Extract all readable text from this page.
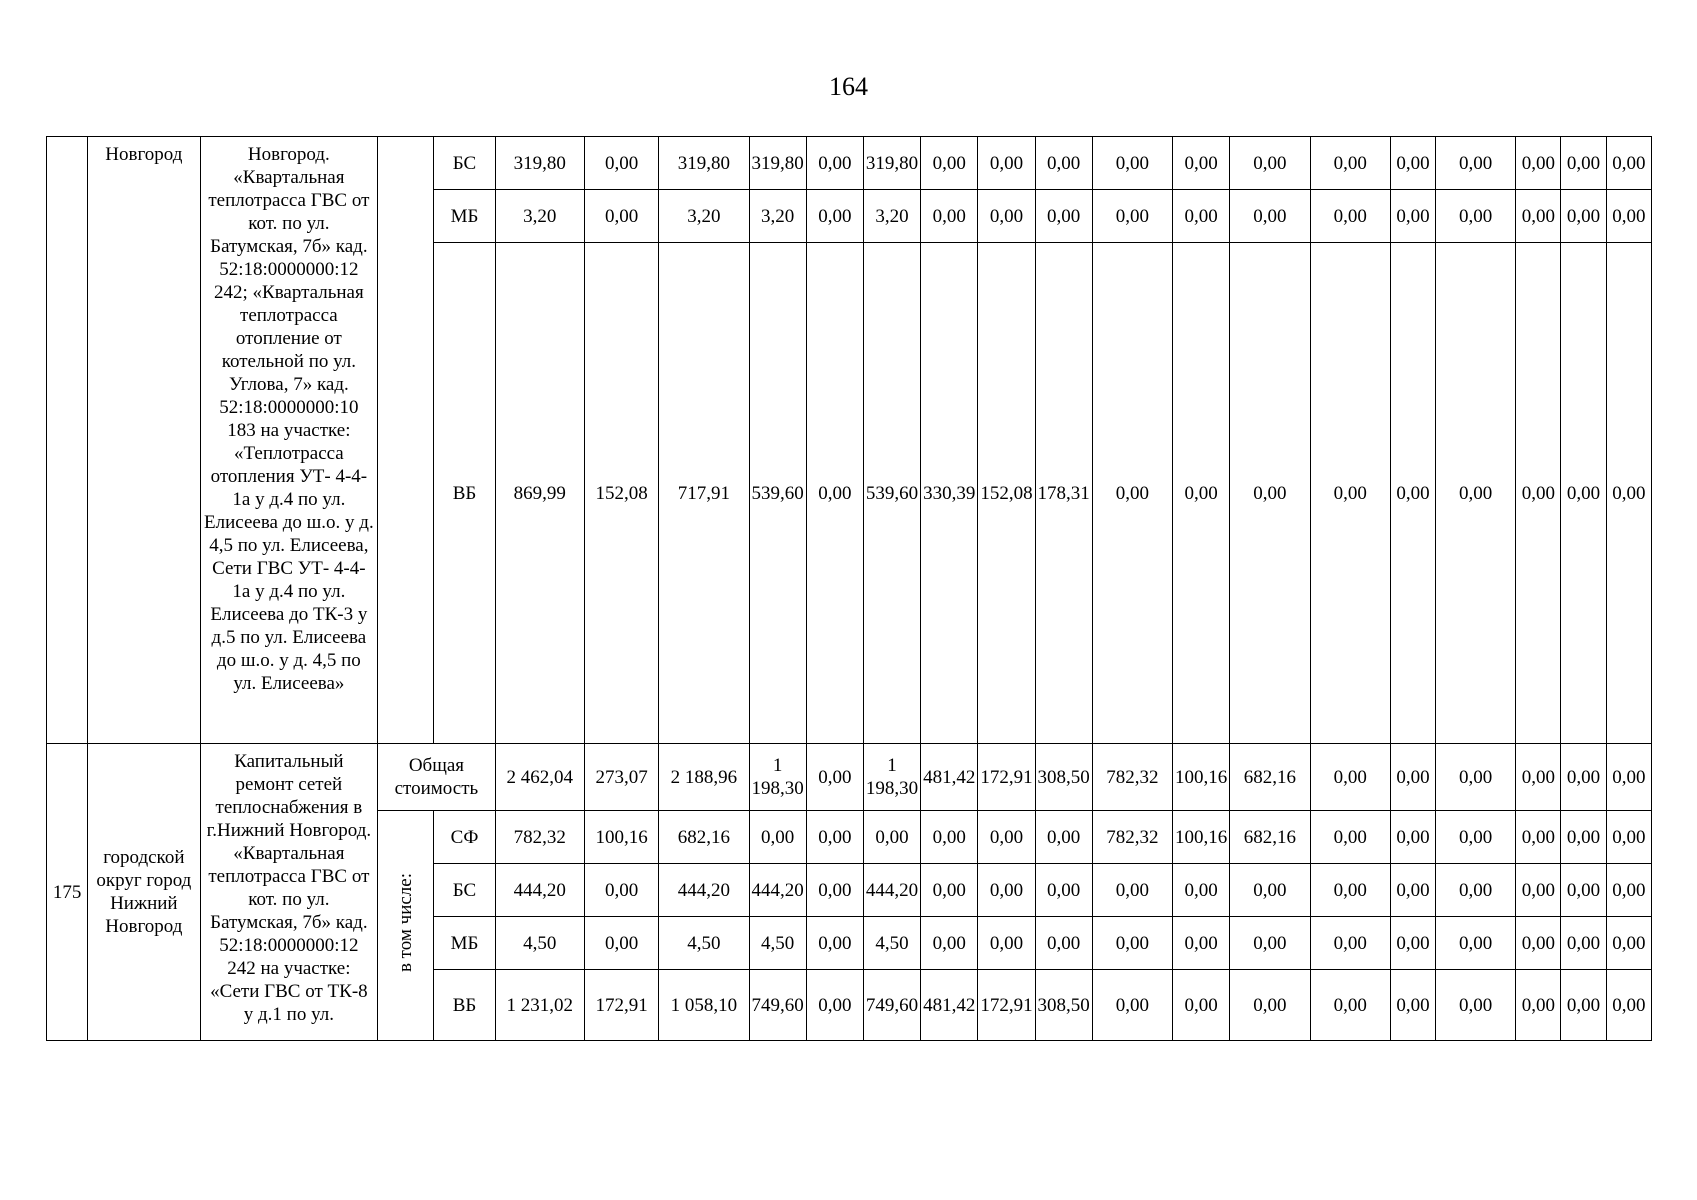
164
	Новгород	Новгород. «Квартальная теплотрасса ГВС от кот. по ул. Батумская, 7б» кад. 52:18:0000000:12 242; «Квартальная теплотрасса отопление от котельной по ул. Углова, 7» кад. 52:18:0000000:10 183 на участке: «Теплотрасса отопления УТ- 4-4-1а у д.4 по ул. Елисеева до ш.о. у д. 4,5 по ул. Елисеева, Сети ГВС УТ- 4-4-1а у д.4 по ул. Елисеева до ТК-3 у д.5 по ул. Елисеева до ш.о. у д. 4,5 по ул. Елисеева»		БС	319,80	0,00	319,80	319,80	0,00	319,80	0,00	0,00	0,00	0,00	0,00	0,00	0,00	0,00	0,00	0,00	0,00	0,00
				МБ	3,20	0,00	3,20	3,20	0,00	3,20	0,00	0,00	0,00	0,00	0,00	0,00	0,00	0,00	0,00	0,00	0,00	0,00
				ВБ	869,99	152,08	717,91	539,60	0,00	539,60	330,39	152,08	178,31	0,00	0,00	0,00	0,00	0,00	0,00	0,00	0,00	0,00
175	городской округ город Нижний Новгород	Капитальный ремонт сетей теплоснабжения в г.Нижний Новгород. «Квартальная теплотрасса ГВС от кот. по ул. Батумская, 7б» кад. 52:18:0000000:12 242 на участке: «Сети ГВС от ТК-8 у д.1 по ул.	Общая стоимость		2 462,04	273,07	2 188,96	1 198,30	0,00	1 198,30	481,42	172,91	308,50	782,32	100,16	682,16	0,00	0,00	0,00	0,00	0,00	0,00
			в том числе:	СФ	782,32	100,16	682,16	0,00	0,00	0,00	0,00	0,00	0,00	782,32	100,16	682,16	0,00	0,00	0,00	0,00	0,00	0,00
				БС	444,20	0,00	444,20	444,20	0,00	444,20	0,00	0,00	0,00	0,00	0,00	0,00	0,00	0,00	0,00	0,00	0,00	0,00
				МБ	4,50	0,00	4,50	4,50	0,00	4,50	0,00	0,00	0,00	0,00	0,00	0,00	0,00	0,00	0,00	0,00	0,00	0,00
				ВБ	1 231,02	172,91	1 058,10	749,60	0,00	749,60	481,42	172,91	308,50	0,00	0,00	0,00	0,00	0,00	0,00	0,00	0,00	0,00
